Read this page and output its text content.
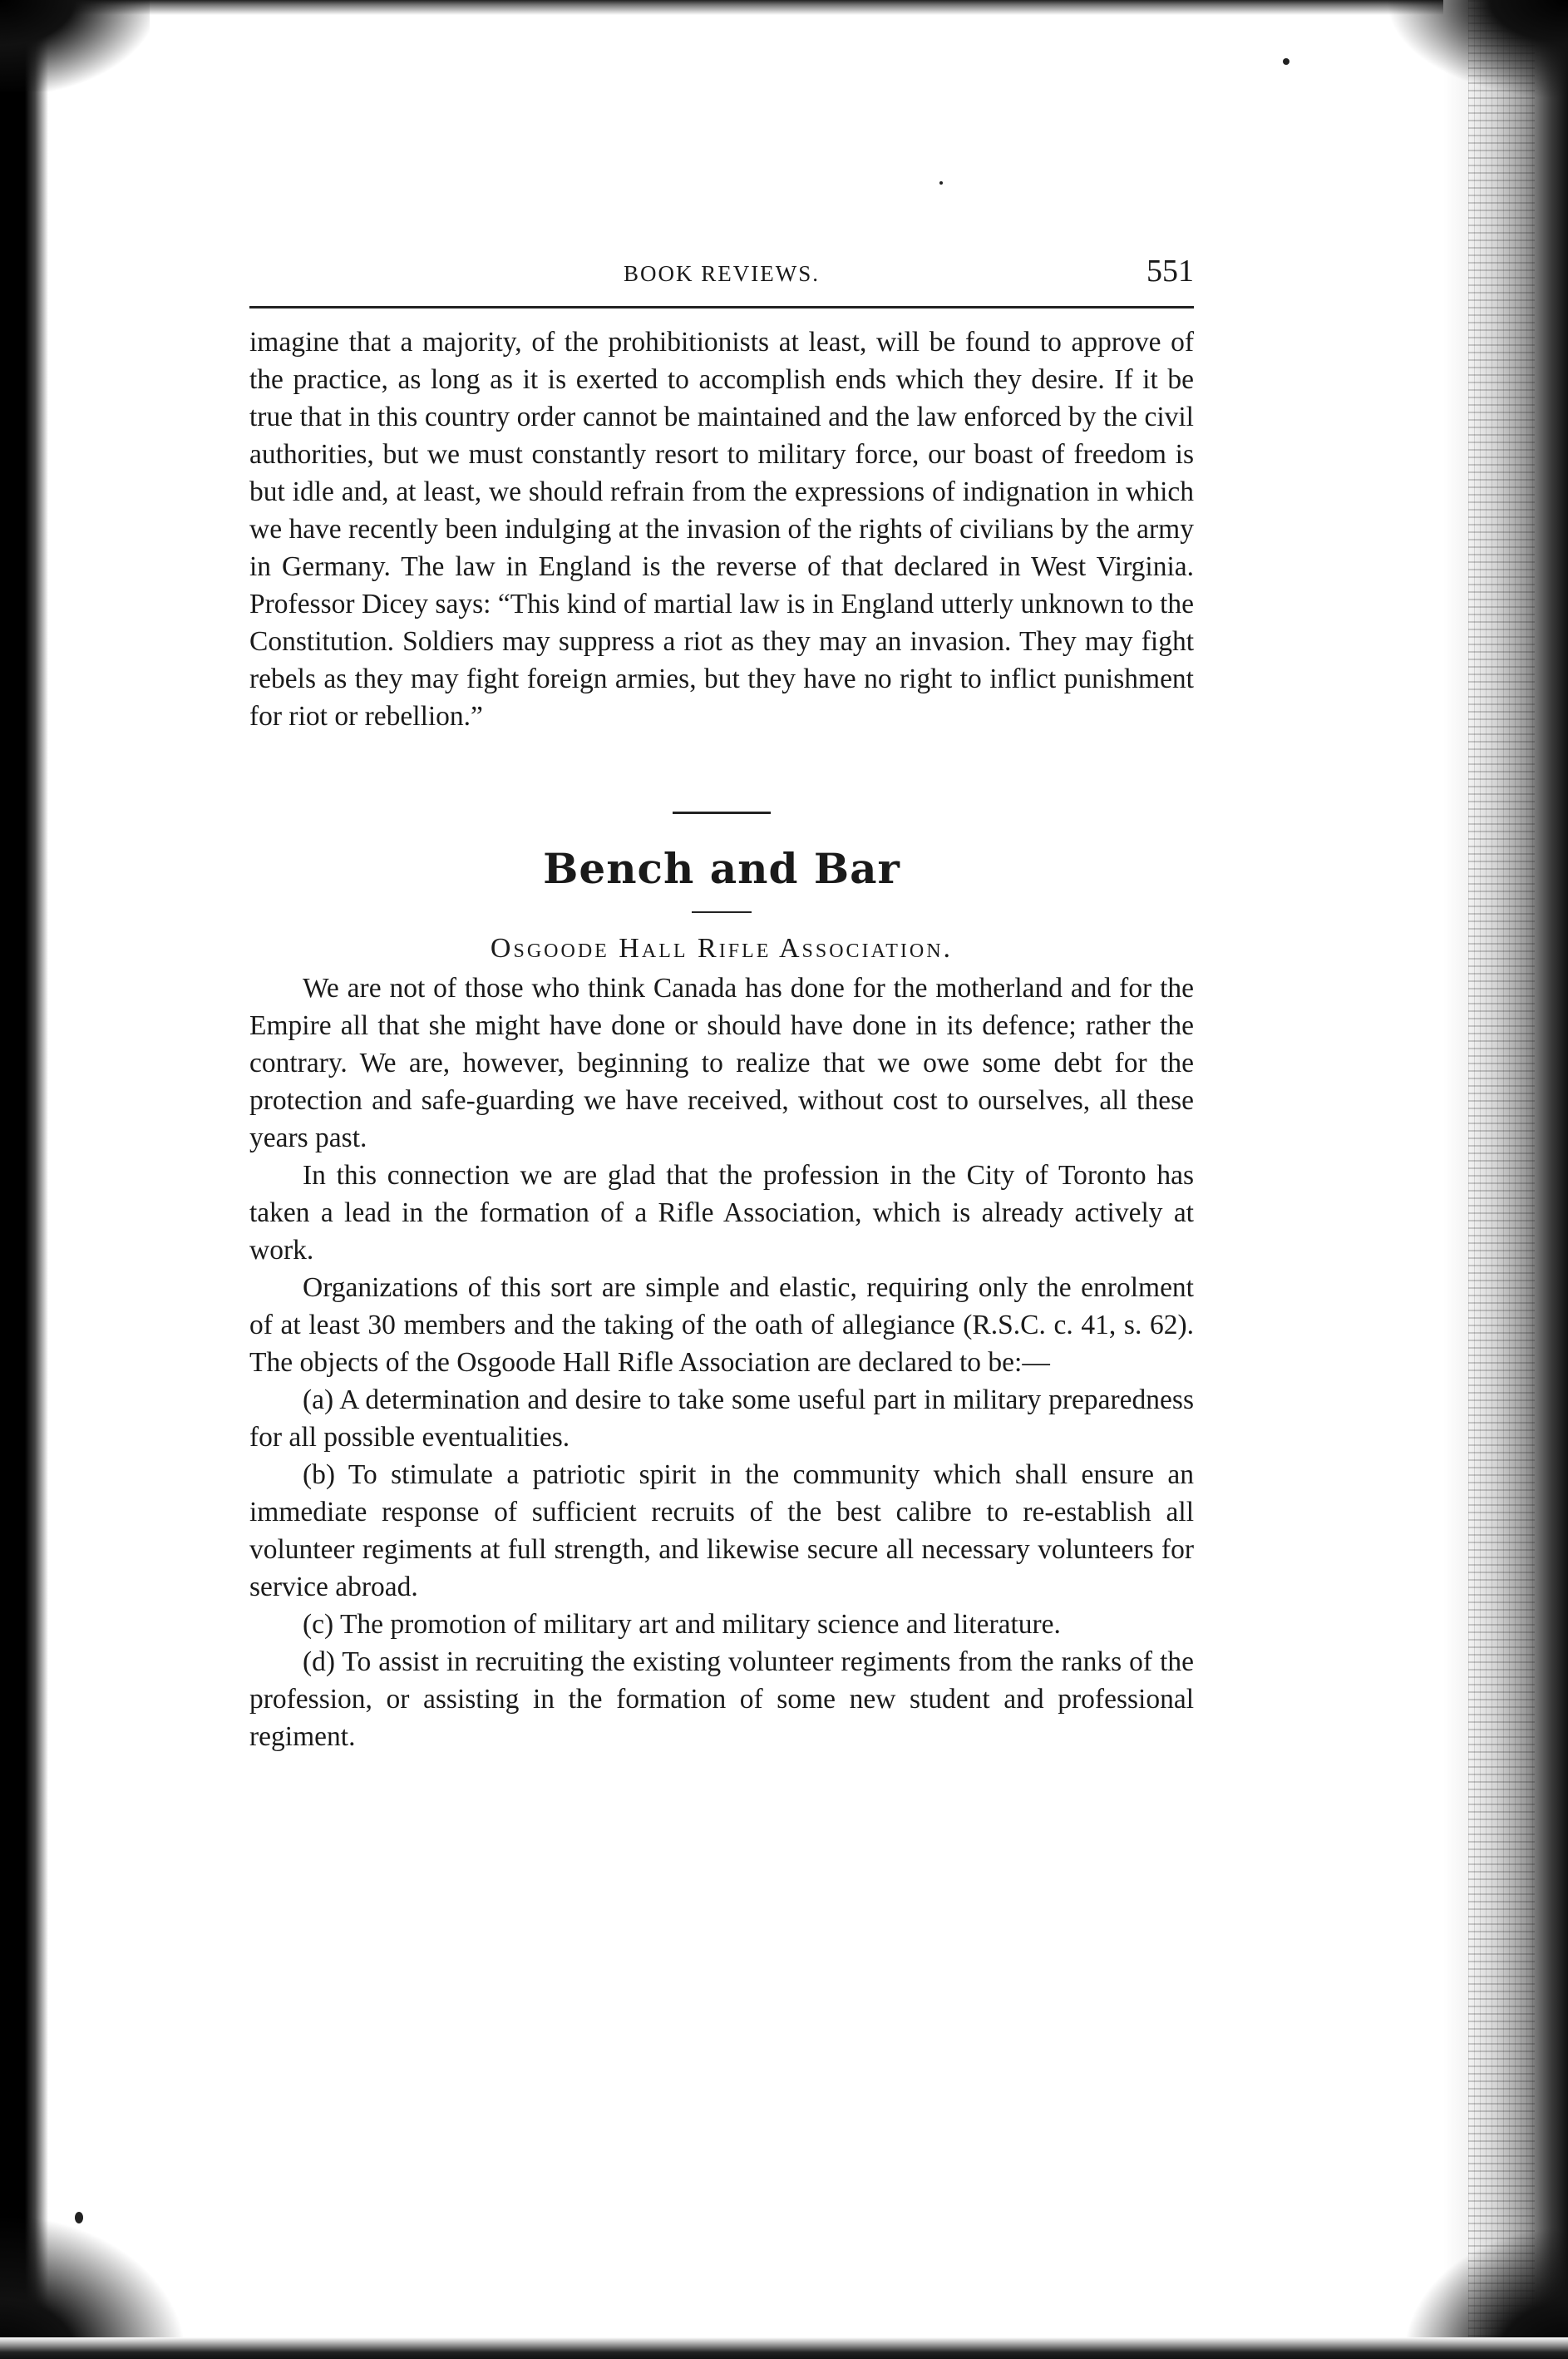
BOOK REVIEWS.	551

imagine that a majority, of the prohibitionists at least, will be found to approve of the practice, as long as it is exerted to accomplish ends which they desire. If it be true that in this country order cannot be maintained and the law enforced by the civil authorities, but we must constantly resort to military force, our boast of freedom is but idle and, at least, we should refrain from the expressions of indignation in which we have recently been indulging at the invasion of the rights of civilians by the army in Germany. The law in England is the reverse of that declared in West Virginia. Professor Dicey says: “This kind of martial law is in England utterly unknown to the Constitution. Soldiers may suppress a riot as they may an invasion. They may fight rebels as they may fight foreign armies, but they have no right to inflict punishment for riot or rebellion.”

Bench and Bar
Osgoode Hall Rifle Association.

We are not of those who think Canada has done for the motherland and for the Empire all that she might have done or should have done in its defence; rather the contrary. We are, however, beginning to realize that we owe some debt for the protection and safe-guarding we have received, without cost to ourselves, all these years past.

In this connection we are glad that the profession in the City of Toronto has taken a lead in the formation of a Rifle Association, which is already actively at work.

Organizations of this sort are simple and elastic, requiring only the enrolment of at least 30 members and the taking of the oath of allegiance (R.S.C. c. 41, s. 62). The objects of the Osgoode Hall Rifle Association are declared to be:—

(a) A determination and desire to take some useful part in military preparedness for all possible eventualities.

(b) To stimulate a patriotic spirit in the community which shall ensure an immediate response of sufficient recruits of the best calibre to re-establish all volunteer regiments at full strength, and likewise secure all necessary volunteers for service abroad.

(c) The promotion of military art and military science and literature.

(d) To assist in recruiting the existing volunteer regiments from the ranks of the profession, or assisting in the formation of some new student and professional regiment.
